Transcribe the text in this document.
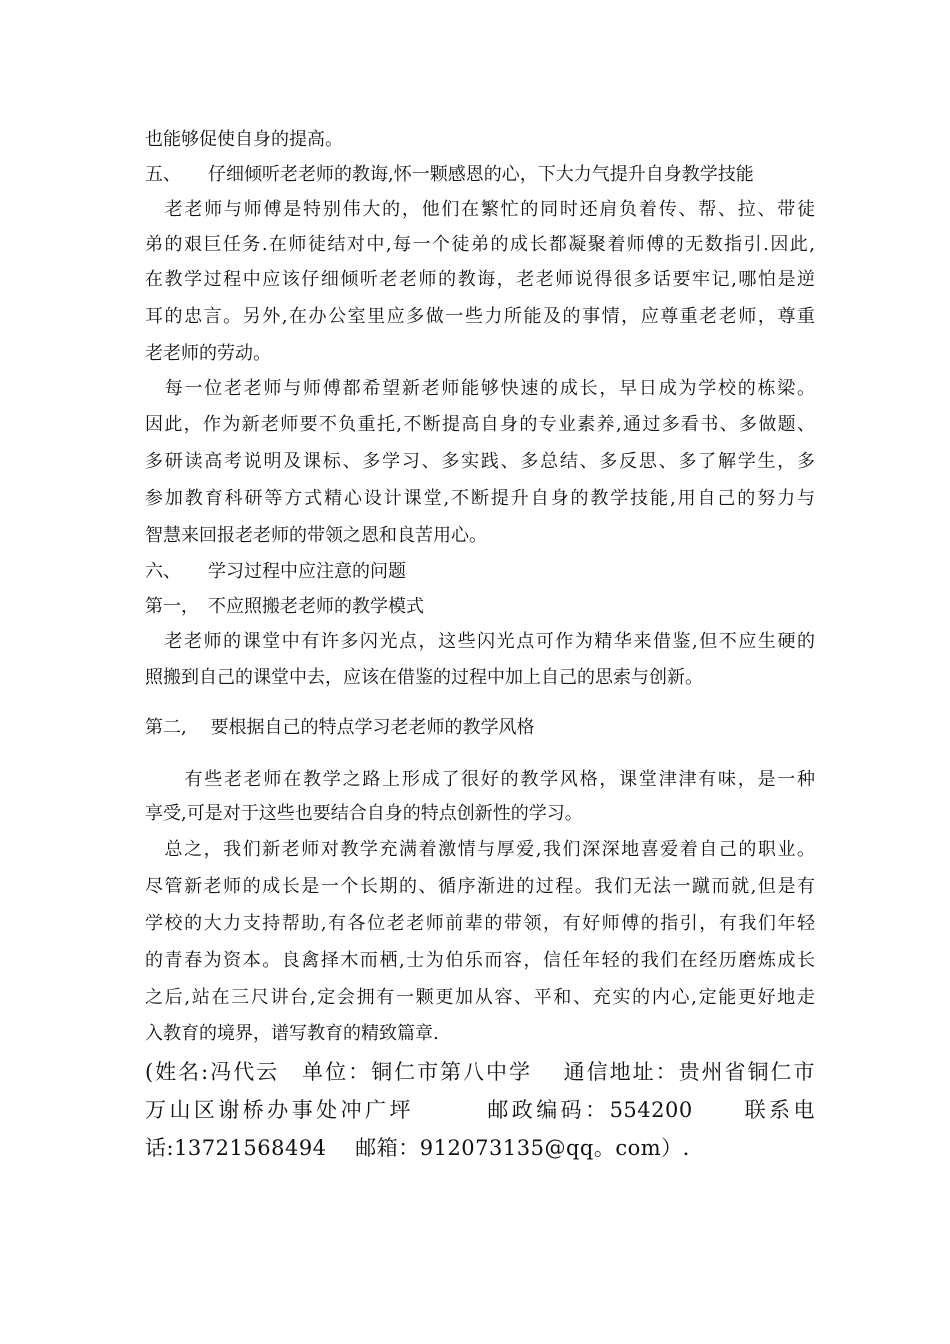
也能够促使自身的提高。
五、　　仔细倾听老老师的教诲,怀一颗感恩的心，下大力气提升自身教学技能
　老老师与师傅是特别伟大的，他们在繁忙的同时还肩负着传、帮、拉、带徒
弟的艰巨任务.在师徒结对中,每一个徒弟的成长都凝聚着师傅的无数指引.因此,
在教学过程中应该仔细倾听老老师的教诲，老老师说得很多话要牢记,哪怕是逆
耳的忠言。另外,在办公室里应多做一些力所能及的事情，应尊重老老师，尊重
老老师的劳动。
　每一位老老师与师傅都希望新老师能够快速的成长，早日成为学校的栋梁。
因此，作为新老师要不负重托,不断提高自身的专业素养,通过多看书、多做题、
多研读高考说明及课标、多学习、多实践、多总结、多反思、多了解学生，多
参加教育科研等方式精心设计课堂,不断提升自身的教学技能,用自己的努力与
智慧来回报老老师的带领之恩和良苦用心。
六、　　学习过程中应注意的问题
第一，　不应照搬老老师的教学模式
　老老师的课堂中有许多闪光点，这些闪光点可作为精华来借鉴,但不应生硬的
照搬到自己的课堂中去，应该在借鉴的过程中加上自己的思索与创新。
第二,　 要根据自己的特点学习老老师的教学风格
　　有些老老师在教学之路上形成了很好的教学风格，课堂津津有味，是一种
享受,可是对于这些也要结合自身的特点创新性的学习。
　总之，我们新老师对教学充满着激情与厚爱,我们深深地喜爱着自己的职业。
尽管新老师的成长是一个长期的、循序渐进的过程。我们无法一蹴而就,但是有
学校的大力支持帮助,有各位老老师前辈的带领，有好师傅的指引，有我们年轻
的青春为资本。良禽择木而栖,士为伯乐而容，信任年轻的我们在经历磨炼成长
之后,站在三尺讲台,定会拥有一颗更加从容、平和、充实的内心,定能更好地走
入教育的境界，谱写教育的精致篇章.
(姓名:冯代云　单位：铜仁市第八中学　 通信地址：贵州省铜仁市
万山区谢桥办事处冲广坪　　　邮政编码：554200　　联系电
话:13721568494　 邮箱：912073135@qq。com）.
